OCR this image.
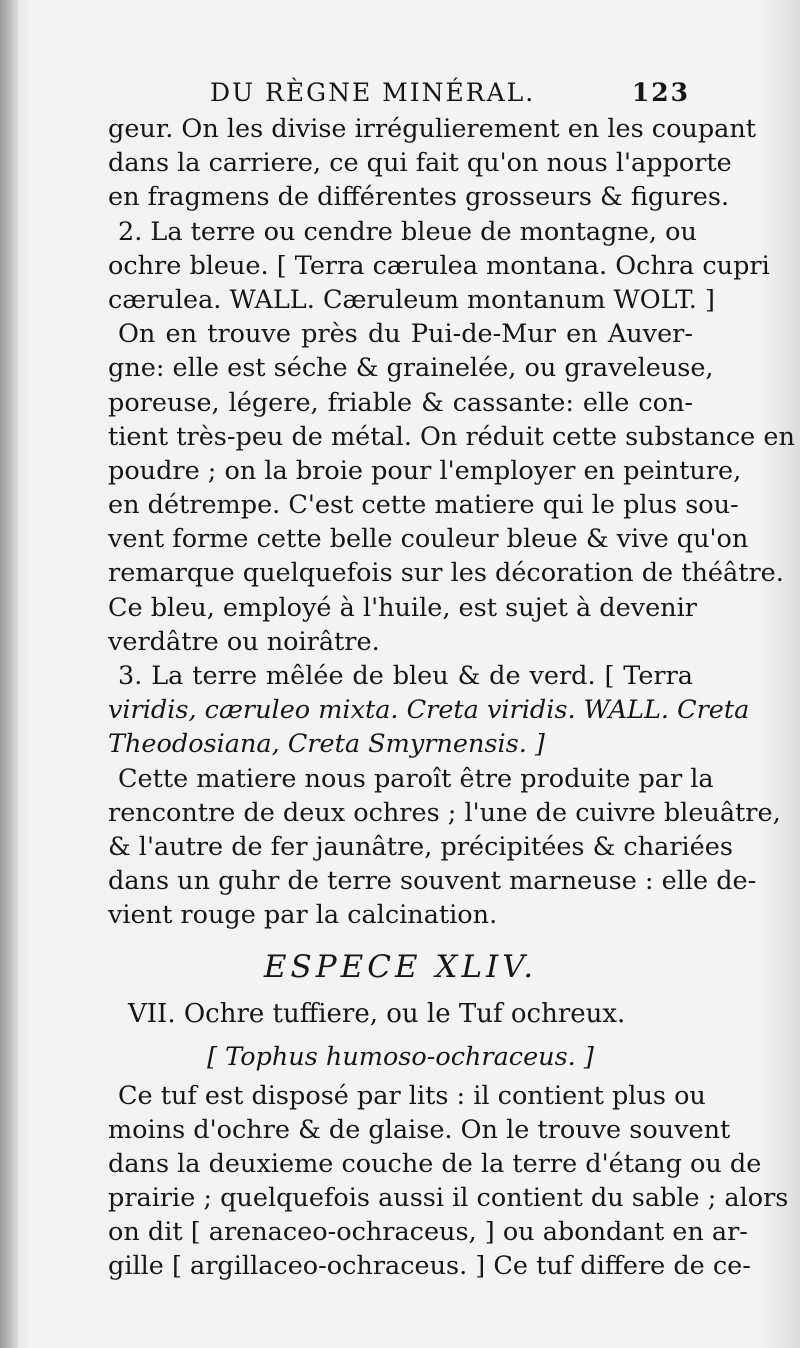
DU RÈGNE MINÉRAL.	123
geur. On les divise irrégulierement en les coupant
dans la carriere, ce qui fait qu'on nous l'apporte
en fragmens de différentes grosseurs & figures.
2. La terre ou cendre bleue de montagne, ou
ochre bleue. [ Terra cærulea montana. Ochra cupri
cærulea. WALL. Cæruleum montanum WOLT. ]
On en trouve près du Pui-de-Mur en Auver-
gne: elle est séche & grainelée, ou graveleuse,
poreuse, légere, friable & cassante: elle con-
tient très-peu de métal. On réduit cette substance en
poudre ; on la broie pour l'employer en peinture,
en détrempe. C'est cette matiere qui le plus sou-
vent forme cette belle couleur bleue & vive qu'on
remarque quelquefois sur les décoration de théâtre.
Ce bleu, employé à l'huile, est sujet à devenir
verdâtre ou noirâtre.
3. La terre mêlée de bleu & de verd. [ Terra
viridis, cæruleo mixta. Creta viridis. WALL. Creta
Theodosiana, Creta Smyrnensis. ]
Cette matiere nous paroît être produite par la
rencontre de deux ochres ; l'une de cuivre bleuâtre,
& l'autre de fer jaunâtre, précipitées & chariées
dans un guhr de terre souvent marneuse : elle de-
vient rouge par la calcination.
ESPECE XLIV.
VII. Ochre tuffiere, ou le Tuf ochreux.
[ Tophus humoso-ochraceus. ]
Ce tuf est disposé par lits : il contient plus ou
moins d'ochre & de glaise. On le trouve souvent
dans la deuxieme couche de la terre d'étang ou de
prairie ; quelquefois aussi il contient du sable ; alors
on dit [ arenaceo-ochraceus, ] ou abondant en ar-
gille [ argillaceo-ochraceus. ] Ce tuf differe de ce-
